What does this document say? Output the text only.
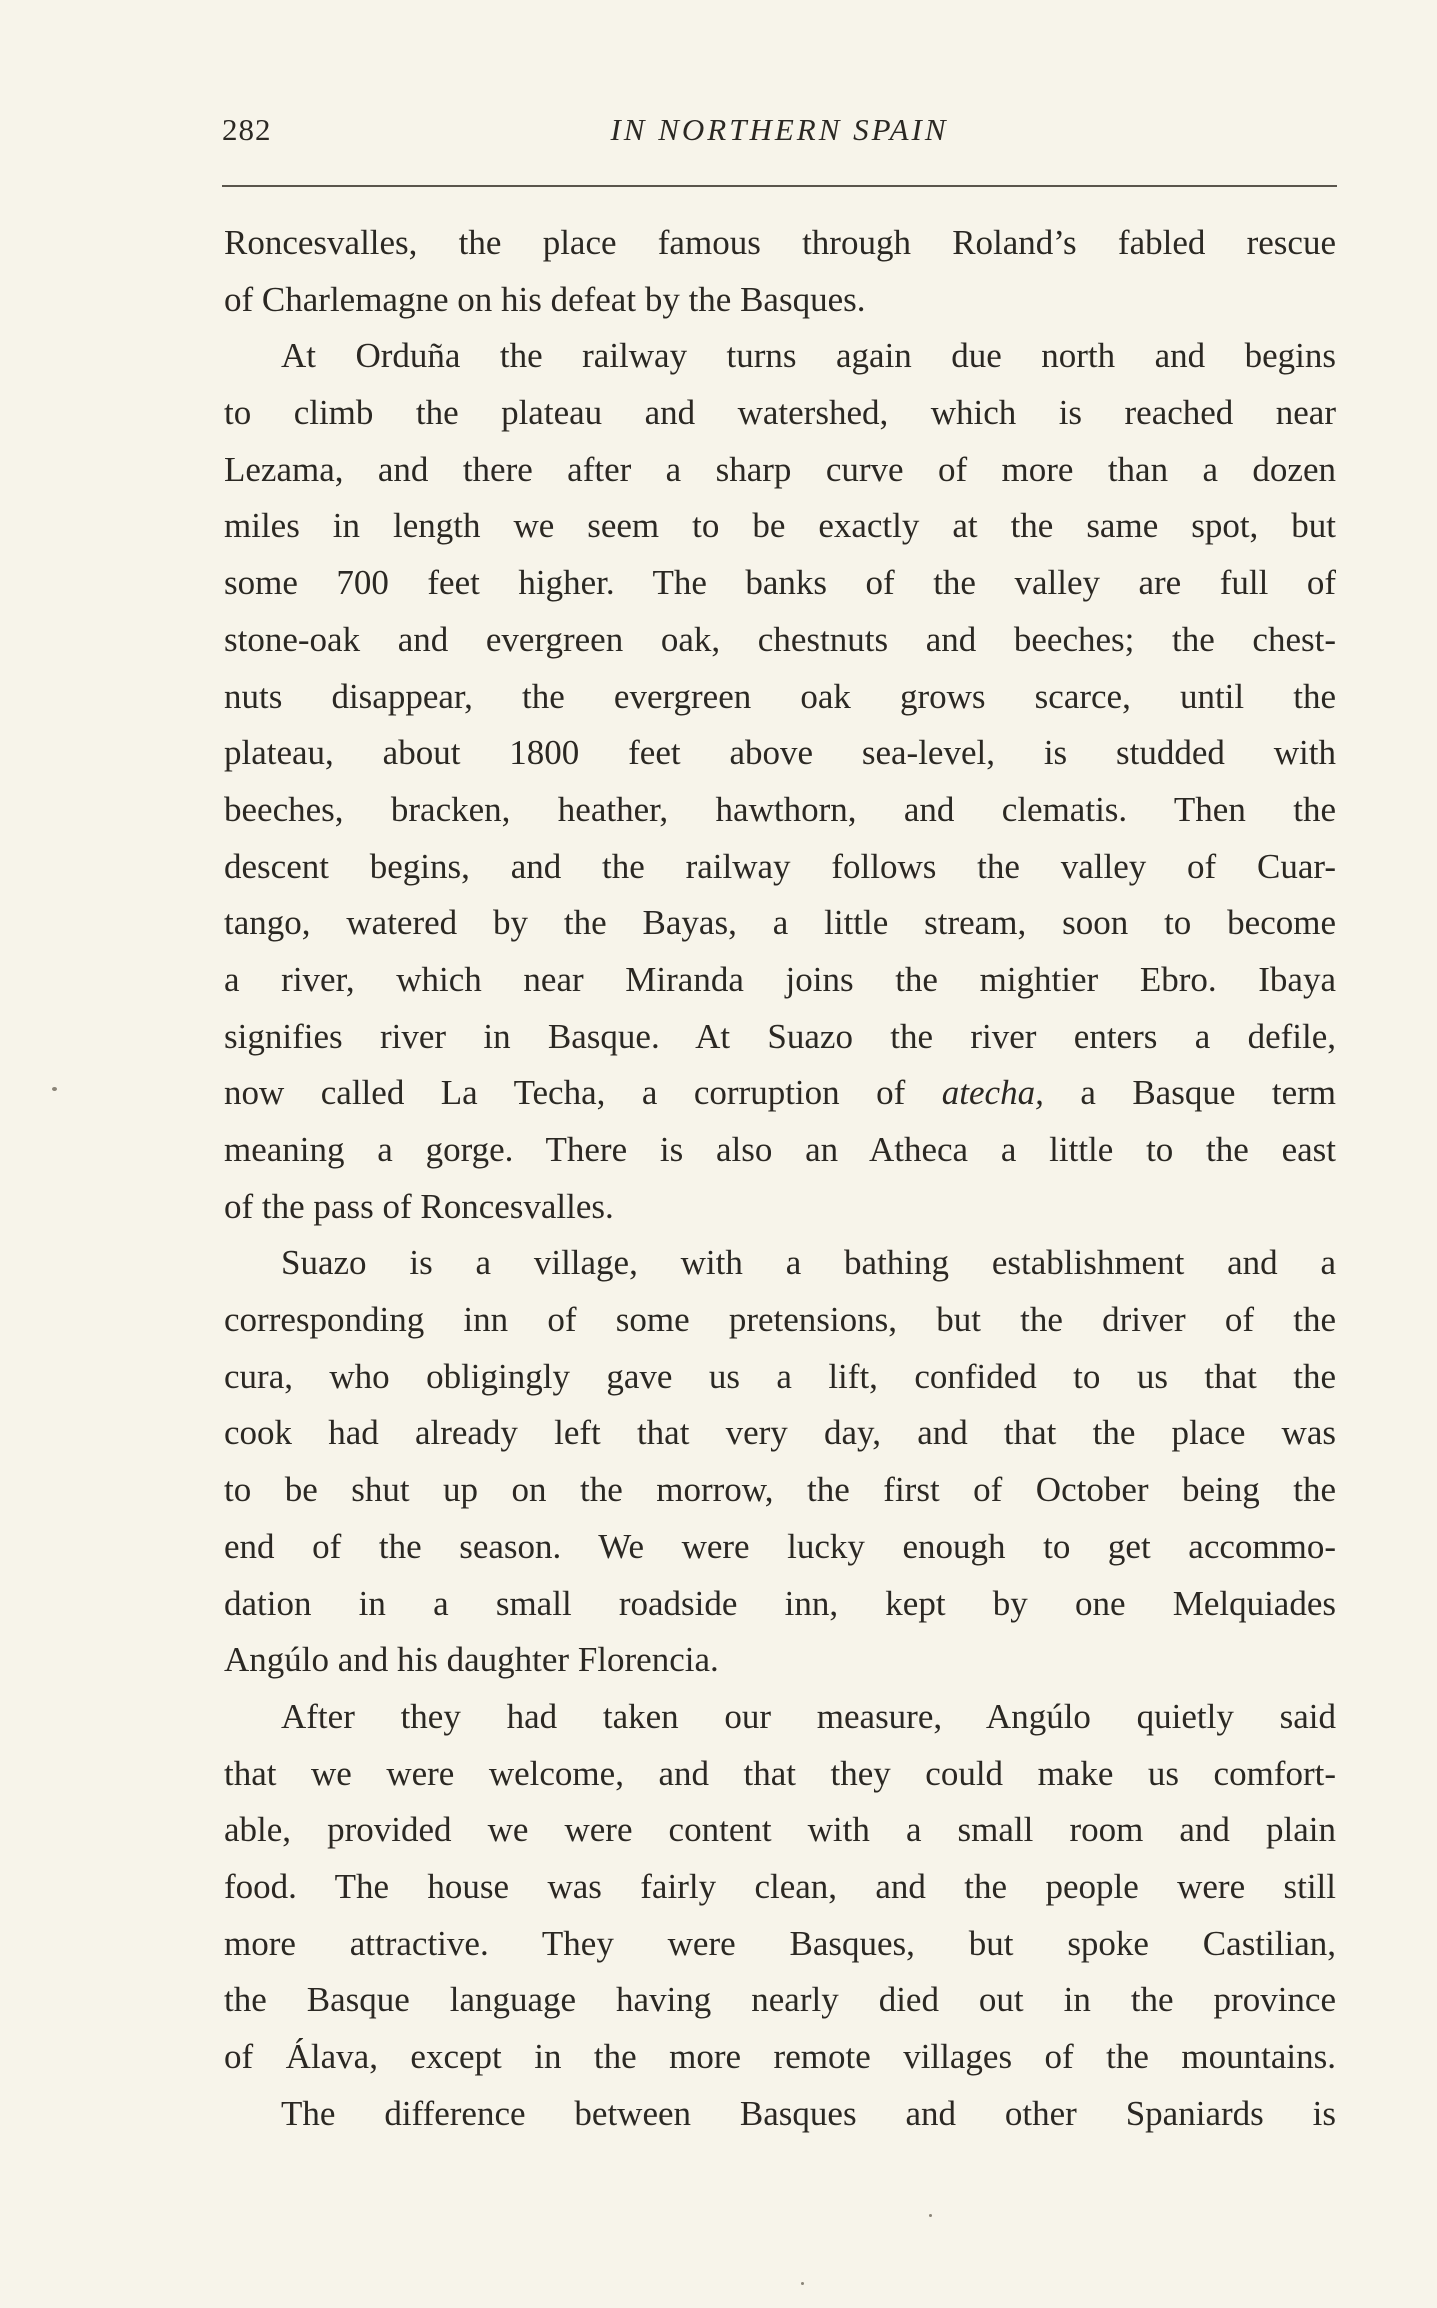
282	IN NORTHERN SPAIN
Roncesvalles, the place famous through Roland’s fabled rescue
of Charlemagne on his defeat by the Basques.
At Orduña the railway turns again due north and begins
to climb the plateau and watershed, which is reached near
Lezama, and there after a sharp curve of more than a dozen
miles in length we seem to be exactly at the same spot, but
some 700 feet higher. The banks of the valley are full of
stone-oak and evergreen oak, chestnuts and beeches; the chest-
nuts disappear, the evergreen oak grows scarce, until the
plateau, about 1800 feet above sea-level, is studded with
beeches, bracken, heather, hawthorn, and clematis. Then the
descent begins, and the railway follows the valley of Cuar-
tango, watered by the Bayas, a little stream, soon to become
a river, which near Miranda joins the mightier Ebro. Ibaya
signifies river in Basque. At Suazo the river enters a defile,
now called La Techa, a corruption of atecha, a Basque term
meaning a gorge. There is also an Atheca a little to the east
of the pass of Roncesvalles.
Suazo is a village, with a bathing establishment and a
corresponding inn of some pretensions, but the driver of the
cura, who obligingly gave us a lift, confided to us that the
cook had already left that very day, and that the place was
to be shut up on the morrow, the first of October being the
end of the season. We were lucky enough to get accommo-
dation in a small roadside inn, kept by one Melquiades
Angúlo and his daughter Florencia.
After they had taken our measure, Angúlo quietly said
that we were welcome, and that they could make us comfort-
able, provided we were content with a small room and plain
food. The house was fairly clean, and the people were still
more attractive. They were Basques, but spoke Castilian,
the Basque language having nearly died out in the province
of Álava, except in the more remote villages of the mountains.
The difference between Basques and other Spaniards is
